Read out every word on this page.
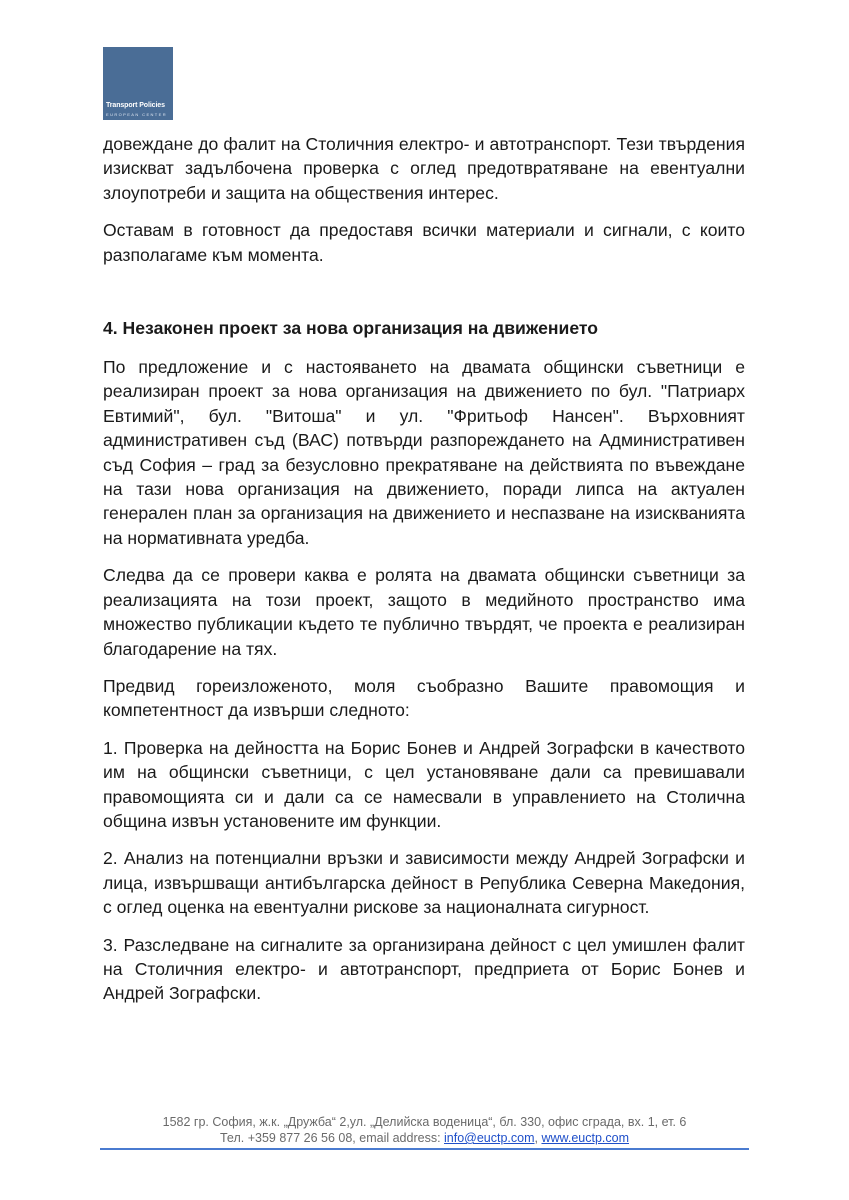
Transport Policies
EUROPEAN CENTER

довеждане до фалит на Столичния електро- и автотранспорт. Тези твърдения изискват задълбочена проверка с оглед предотвратяване на евентуални злоупотреби и защита на обществения интерес.

Оставам в готовност да предоставя всички материали и сигнали, с които разполагаме към момента.

4. Незаконен проект за нова организация на движението

По предложение и с настояването на двамата общински съветници е реализиран проект за нова организация на движението по бул. "Патриарх Евтимий", бул. "Витоша" и ул. "Фритьоф Нансен". Върховният административен съд (ВАС) потвърди разпореждането на Административен съд София – град за безусловно прекратяване на действията по въвеждане на тази нова организация на движението, поради липса на актуален генерален план за организация на движението и неспазване на изискванията на нормативната уредба.

Следва да се провери каква е ролята на двамата общински съветници за реализацията на този проект, защото в медийното пространство има множество публикации където те публично твърдят, че проекта е реализиран благодарение на тях.

Предвид гореизложеното, моля съобразно Вашите правомощия и компетентност да извърши следното:

1. Проверка на дейността на Борис Бонев и Андрей Зографски в качеството им на общински съветници, с цел установяване дали са превишавали правомощията си и дали са се намесвали в управлението на Столична община извън установените им функции.

2. Анализ на потенциални връзки и зависимости между Андрей Зографски и лица, извършващи антибългарска дейност в Република Северна Македония, с оглед оценка на евентуални рискове за националната сигурност.

3. Разследване на сигналите за организирана дейност с цел умишлен фалит на Столичния електро- и автотранспорт, предприета от Борис Бонев и Андрей Зографски.

1582 гр. София, ж.к. „Дружба“ 2,ул. „Делийска воденица“, бл. 330, офис сграда, вх. 1, ет. 6
Тел. +359 877 26 56 08, email address: info@euctp.com, www.euctp.com
